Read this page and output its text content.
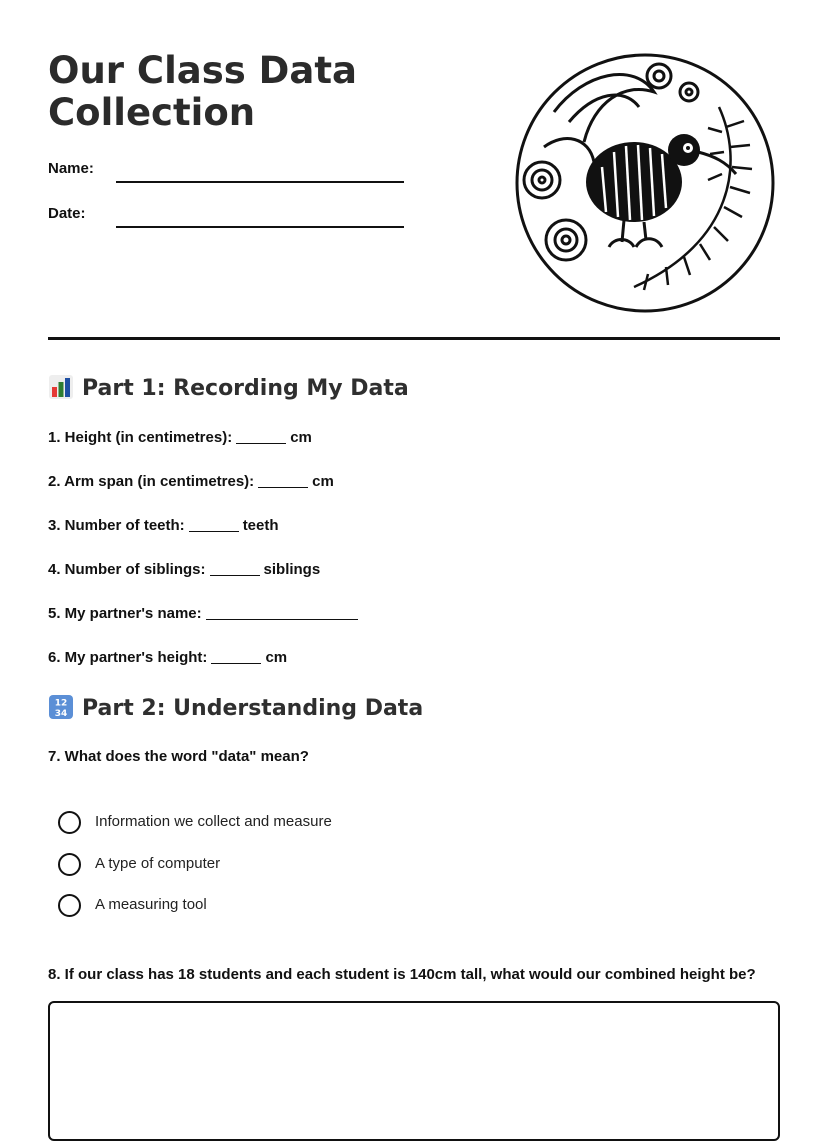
Our Class Data Collection
Name:
Date:
Part 1: Recording My Data
1. Height (in centimetres):	cm
2. Arm span (in centimetres):	cm
3. Number of teeth:	teeth
4. Number of siblings:	siblings
5. My partner's name:
6. My partner's height:	cm
12
34 Part 2: Understanding Data
7. What does the word "data" mean?
Information we collect and measure
A type of computer
A measuring tool
8. If our class has 18 students and each student is 140cm tall, what would our combined height be?
